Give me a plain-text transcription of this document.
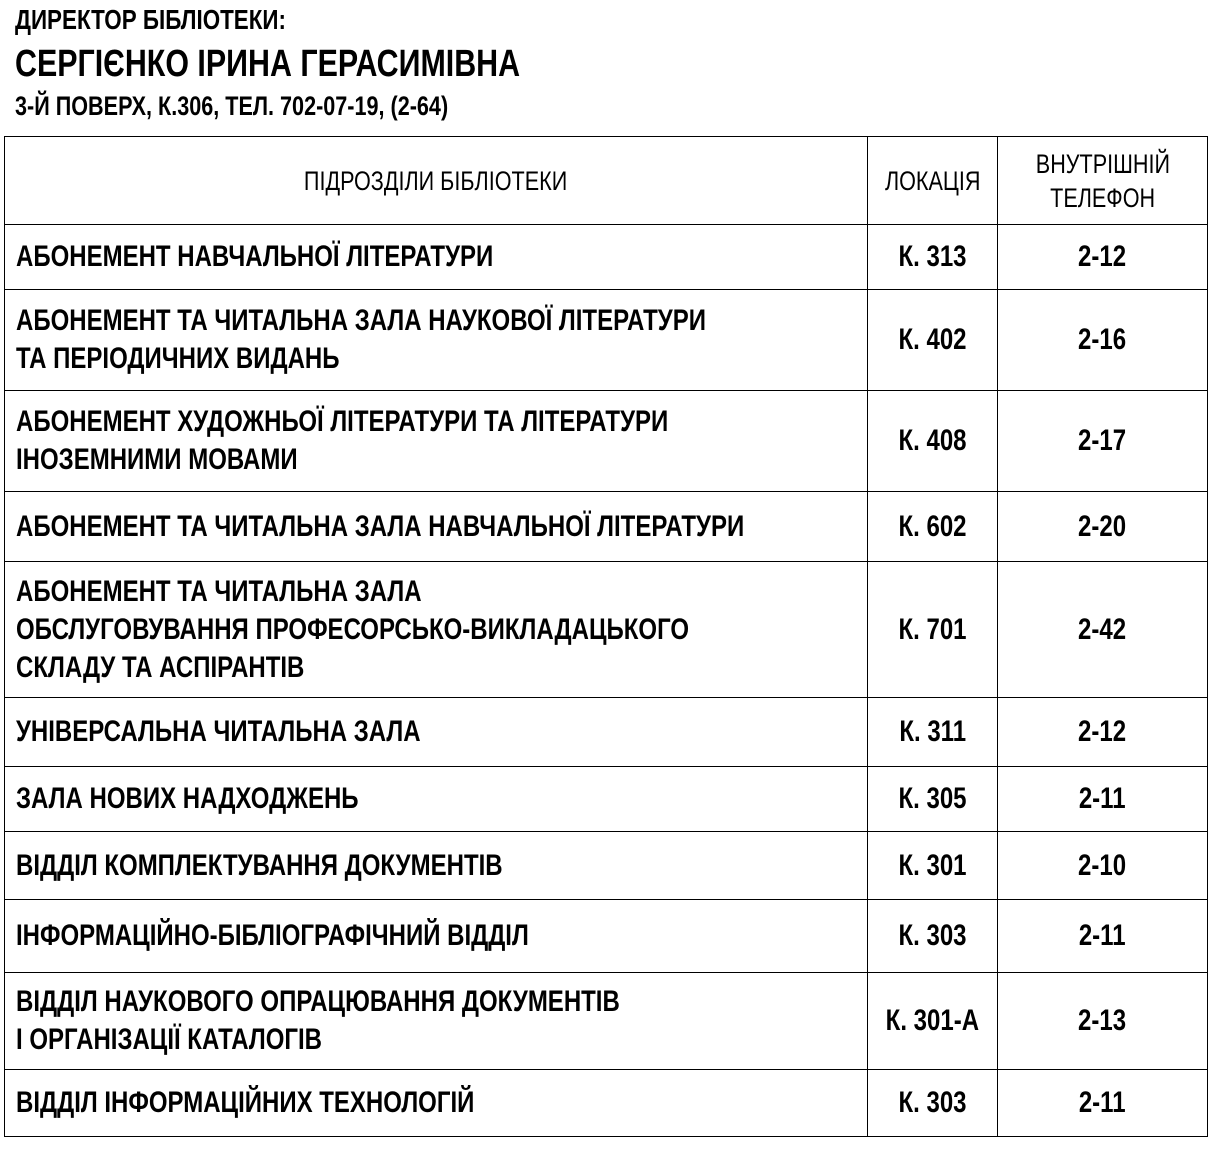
ДИРЕКТОР БІБЛІОТЕКИ:
СЕРГІЄНКО ІРИНА ГЕРАСИМІВНА
3-Й ПОВЕРХ, К.306, ТЕЛ. 702-07-19, (2-64)
ПІДРОЗДІЛИ БІБЛІОТЕКИ	ЛОКАЦІЯ	ВНУТРІШНІЙ
ТЕЛЕФОН

АБОНЕМЕНТ НАВЧАЛЬНОЇ ЛІТЕРАТУРИ	К. 313	2-12

АБОНЕМЕНТ ТА ЧИТАЛЬНА ЗАЛА НАУКОВОЇ ЛІТЕРАТУРИ
ТА ПЕРІОДИЧНИХ ВИДАНЬ	К. 402	2-16

АБОНЕМЕНТ ХУДОЖНЬОЇ ЛІТЕРАТУРИ ТА ЛІТЕРАТУРИ
ІНОЗЕМНИМИ МОВАМИ	К. 408	2-17

АБОНЕМЕНТ ТА ЧИТАЛЬНА ЗАЛА НАВЧАЛЬНОЇ ЛІТЕРАТУРИ	К. 602	2-20

АБОНЕМЕНТ ТА ЧИТАЛЬНА ЗАЛА
ОБСЛУГОВУВАННЯ ПРОФЕСОРСЬКО-ВИКЛАДАЦЬКОГО
СКЛАДУ ТА АСПІРАНТІВ	К. 701	2-42

УНІВЕРСАЛЬНА ЧИТАЛЬНА ЗАЛА	К. 311	2-12

ЗАЛА НОВИХ НАДХОДЖЕНЬ	К. 305	2-11

ВІДДІЛ КОМПЛЕКТУВАННЯ ДОКУМЕНТІВ	К. 301	2-10

ІНФОРМАЦІЙНО-БІБЛІОГРАФІЧНИЙ ВІДДІЛ	К. 303	2-11

ВІДДІЛ НАУКОВОГО ОПРАЦЮВАННЯ ДОКУМЕНТІВ
І ОРГАНІЗАЦІЇ КАТАЛОГІВ	К. 301-А	2-13

ВІДДІЛ ІНФОРМАЦІЙНИХ ТЕХНОЛОГІЙ	К. 303	2-11
